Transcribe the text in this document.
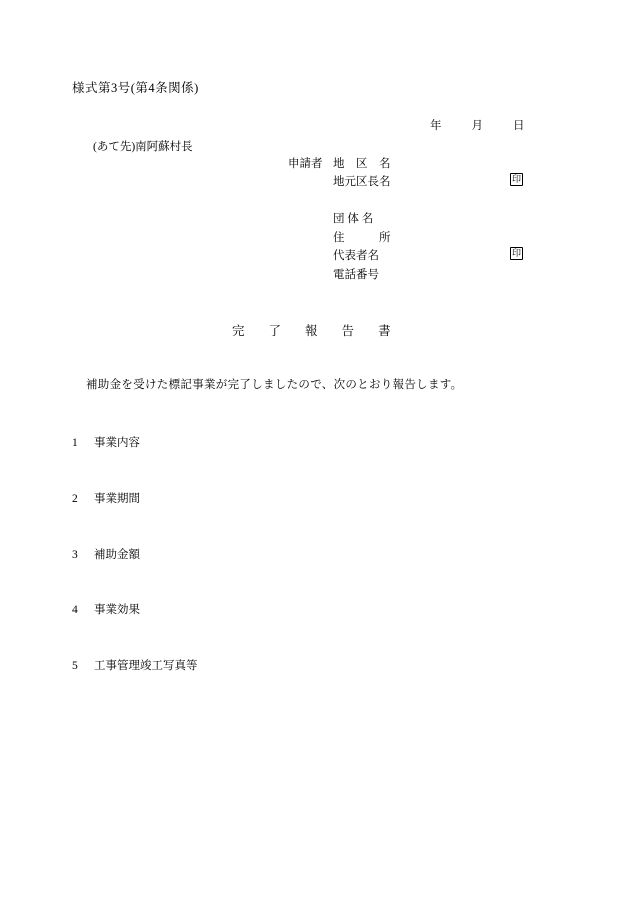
様式第3号(第4条関係)
年	月	日
(あて先)南阿蘇村長
申請者 地　区　名
地元区長名	印
団 体 名
住　　　所
代表者名	印
電話番号
完 了 報 告 書
補助金を受けた標記事業が完了しましたので、次のとおり報告します。
1 事業内容
2 事業期間
3 補助金額
4 事業効果
5 工事管理竣工写真等
